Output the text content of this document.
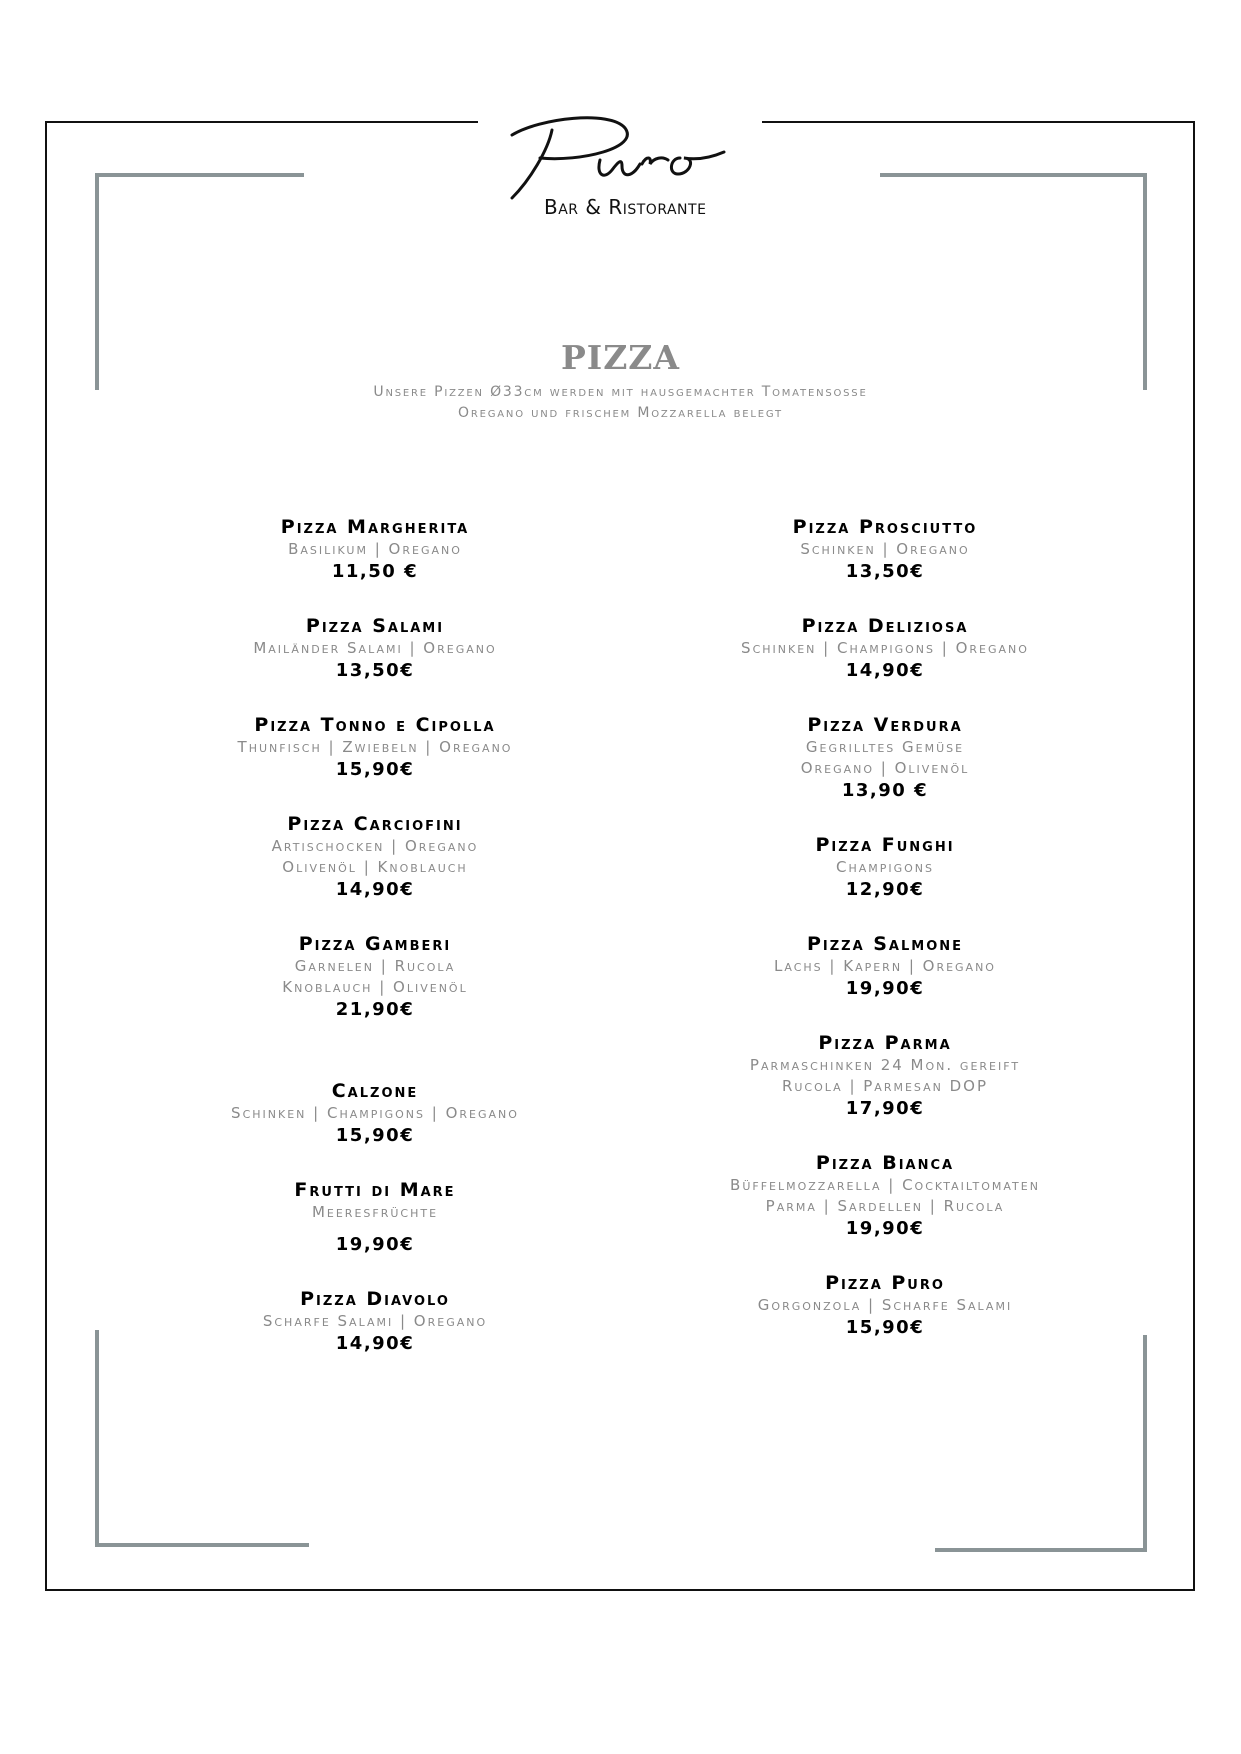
Bar & Ristorante
PIZZA
Unsere Pizzen Ø33cm werden mit hausgemachter Tomatensosse
Oregano und frischem Mozzarella belegt
Pizza Margherita
Basilikum | Oregano
11,50 €
Pizza Salami
Mailänder Salami | Oregano
13,50€
Pizza Tonno e Cipolla
Thunfisch | Zwiebeln | Oregano
15,90€
Pizza Carciofini
Artischocken | Oregano
Olivenöl | Knoblauch
14,90€
Pizza Gamberi
Garnelen | Rucola
Knoblauch | Olivenöl
21,90€
Calzone
Schinken | Champigons | Oregano
15,90€
Frutti di Mare
Meeresfrüchte
19,90€
Pizza Diavolo
Scharfe Salami | Oregano
14,90€
Pizza Prosciutto
Schinken | Oregano
13,50€
Pizza Deliziosa
Schinken | Champigons | Oregano
14,90€
Pizza Verdura
Gegrilltes Gemüse
Oregano | Olivenöl
13,90 €
Pizza Funghi
Champigons
12,90€
Pizza Salmone
Lachs | Kapern | Oregano
19,90€
Pizza Parma
Parmaschinken 24 Mon. gereift
Rucola | Parmesan DOP
17,90€
Pizza Bianca
Büffelmozzarella | Cocktailtomaten
Parma | Sardellen | Rucola
19,90€
Pizza Puro
Gorgonzola | Scharfe Salami
15,90€
